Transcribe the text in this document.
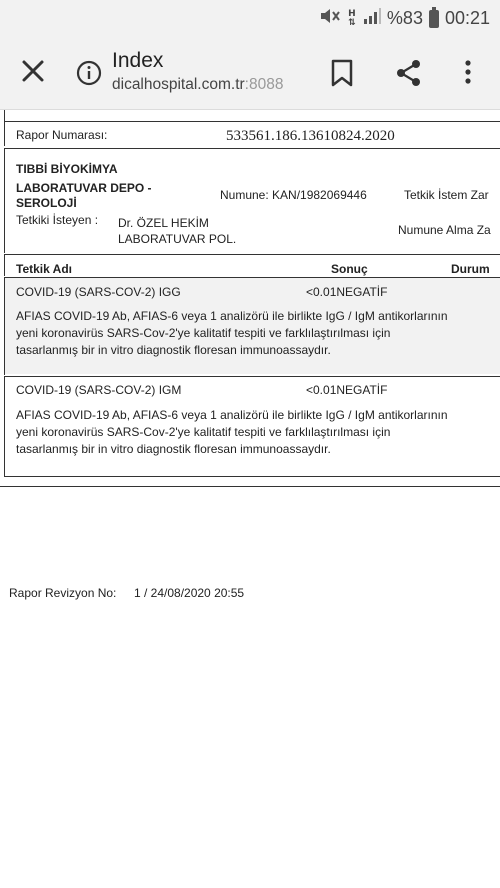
H
⇅ %83 00:21
Index
dicalhospital.com.tr:8088
Rapor Numarası:	533561.186.13610824.2020
TIBBİ BİYOKİMYA
LABORATUVAR DEPO -
SEROLOJİ
Numune: KAN/1982069446	Tetkik İstem Zar
Tetkiki İsteyen : Dr. ÖZEL HEKİM
LABORATUVAR POL.
Numune Alma Za
Tetkik Adı	Sonuç	Durum
COVID-19 (SARS-COV-2) IGG	<0.01NEGATİF
AFIAS COVID-19 Ab, AFIAS-6 veya 1 analizörü ile birlikte IgG / IgM antikorlarının
yeni koronavirüs SARS-Cov-2'ye kalitatif tespiti ve farklılaştırılması için
tasarlanmış bir in vitro diagnostik floresan immunoassaydır.
COVID-19 (SARS-COV-2) IGM	<0.01NEGATİF
AFIAS COVID-19 Ab, AFIAS-6 veya 1 analizörü ile birlikte IgG / IgM antikorlarının
yeni koronavirüs SARS-Cov-2'ye kalitatif tespiti ve farklılaştırılması için
tasarlanmış bir in vitro diagnostik floresan immunoassaydır.
Rapor Revizyon No: 1 / 24/08/2020 20:55
